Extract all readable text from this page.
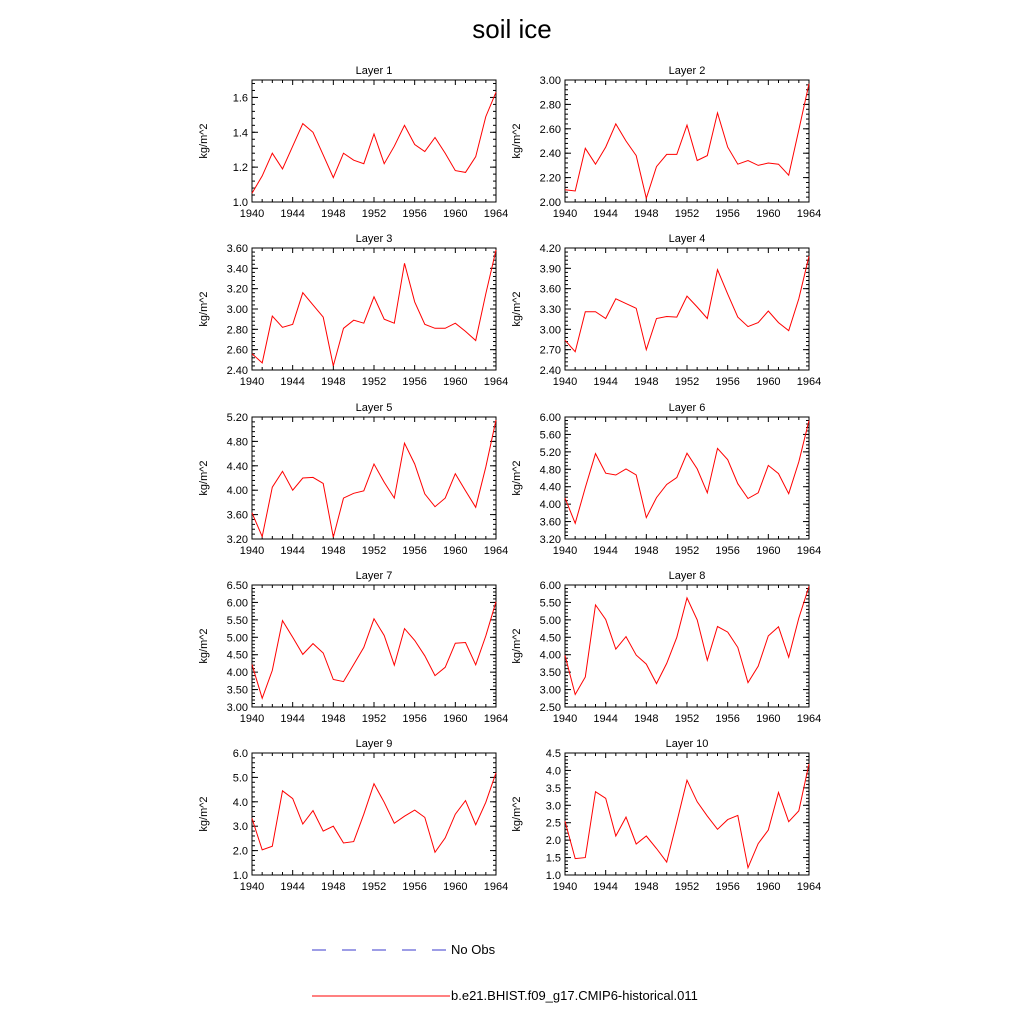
soil ice
Layer 1
1940 1944 1948 1952 1956 1960 1964
1.0
1.2
1.4
1.6
kg/m^2
Layer 2
1940 1944 1948 1952 1956 1960 1964
2.00
2.20
2.40
2.60
2.80
3.00
kg/m^2
Layer 3
1940 1944 1948 1952 1956 1960 1964
2.40
2.60
2.80
3.00
3.20
3.40
3.60
kg/m^2
Layer 4
1940 1944 1948 1952 1956 1960 1964
2.40
2.70
3.00
3.30
3.60
3.90
4.20
kg/m^2
Layer 5
1940 1944 1948 1952 1956 1960 1964
3.20
3.60
4.00
4.40
4.80
5.20
kg/m^2
Layer 6
1940 1944 1948 1952 1956 1960 1964
3.20
3.60
4.00
4.40
4.80
5.20
5.60
6.00
kg/m^2
Layer 7
1940 1944 1948 1952 1956 1960 1964
3.00
3.50
4.00
4.50
5.00
5.50
6.00
6.50
kg/m^2
Layer 8
1940 1944 1948 1952 1956 1960 1964
2.50
3.00
3.50
4.00
4.50
5.00
5.50
6.00
kg/m^2
Layer 9
1940 1944 1948 1952 1956 1960 1964
1.0
2.0
3.0
4.0
5.0
6.0
kg/m^2
Layer 10
1940 1944 1948 1952 1956 1960 1964
1.0
1.5
2.0
2.5
3.0
3.5
4.0
4.5
kg/m^2
No Obs
b.e21.BHIST.f09_g17.CMIP6-historical.011
